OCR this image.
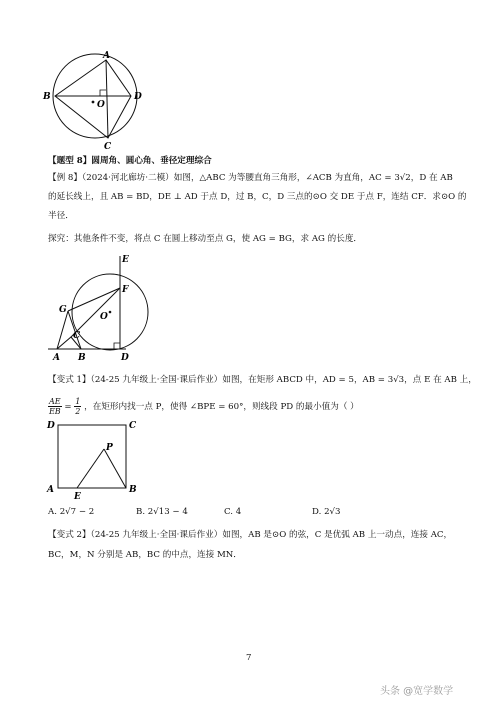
A
B
C
D
O
【题型 8】圆周角、圆心角、垂径定理综合
【例 8】（2024·河北廊坊·二模）如图，△ABC 为等腰直角三角形，∠ACB 为直角，AC = 3√2，D 在 AB
的延长线上，且 AB = BD，DE ⊥ AD 于点 D，过 B，C，D 三点的⊙O 交 DE 于点 F，连结 CF．求⊙O 的
半径．
探究：其他条件不变，将点 C 在圆上移动至点 G，使 AG = BG，求 AG 的长度．
E
F
G
O
C
A B	D
【变式 1】（24-25 九年级上·全国·课后作业）如图，在矩形 ABCD 中，AD = 5，AB = 3√3，点 E 在 AB 上，
$\frac{AE}{EB} = \frac{1}{2}$ ，在矩形内找一点 P，使得 ∠BPE = 60°，则线段 PD 的最小值为（ ）
D	C
P
A
E
B
A. 2√7 − 2	B. 2√13 − 4	C. 4	D. 2√3
【变式 2】（24-25 九年级上·全国·课后作业）如图，AB 是⊙O 的弦，C 是优弧 AB 上一动点，连接 AC，
BC，M，N 分别是 AB，BC 的中点，连接 MN．
7
头条 @宽学数学
